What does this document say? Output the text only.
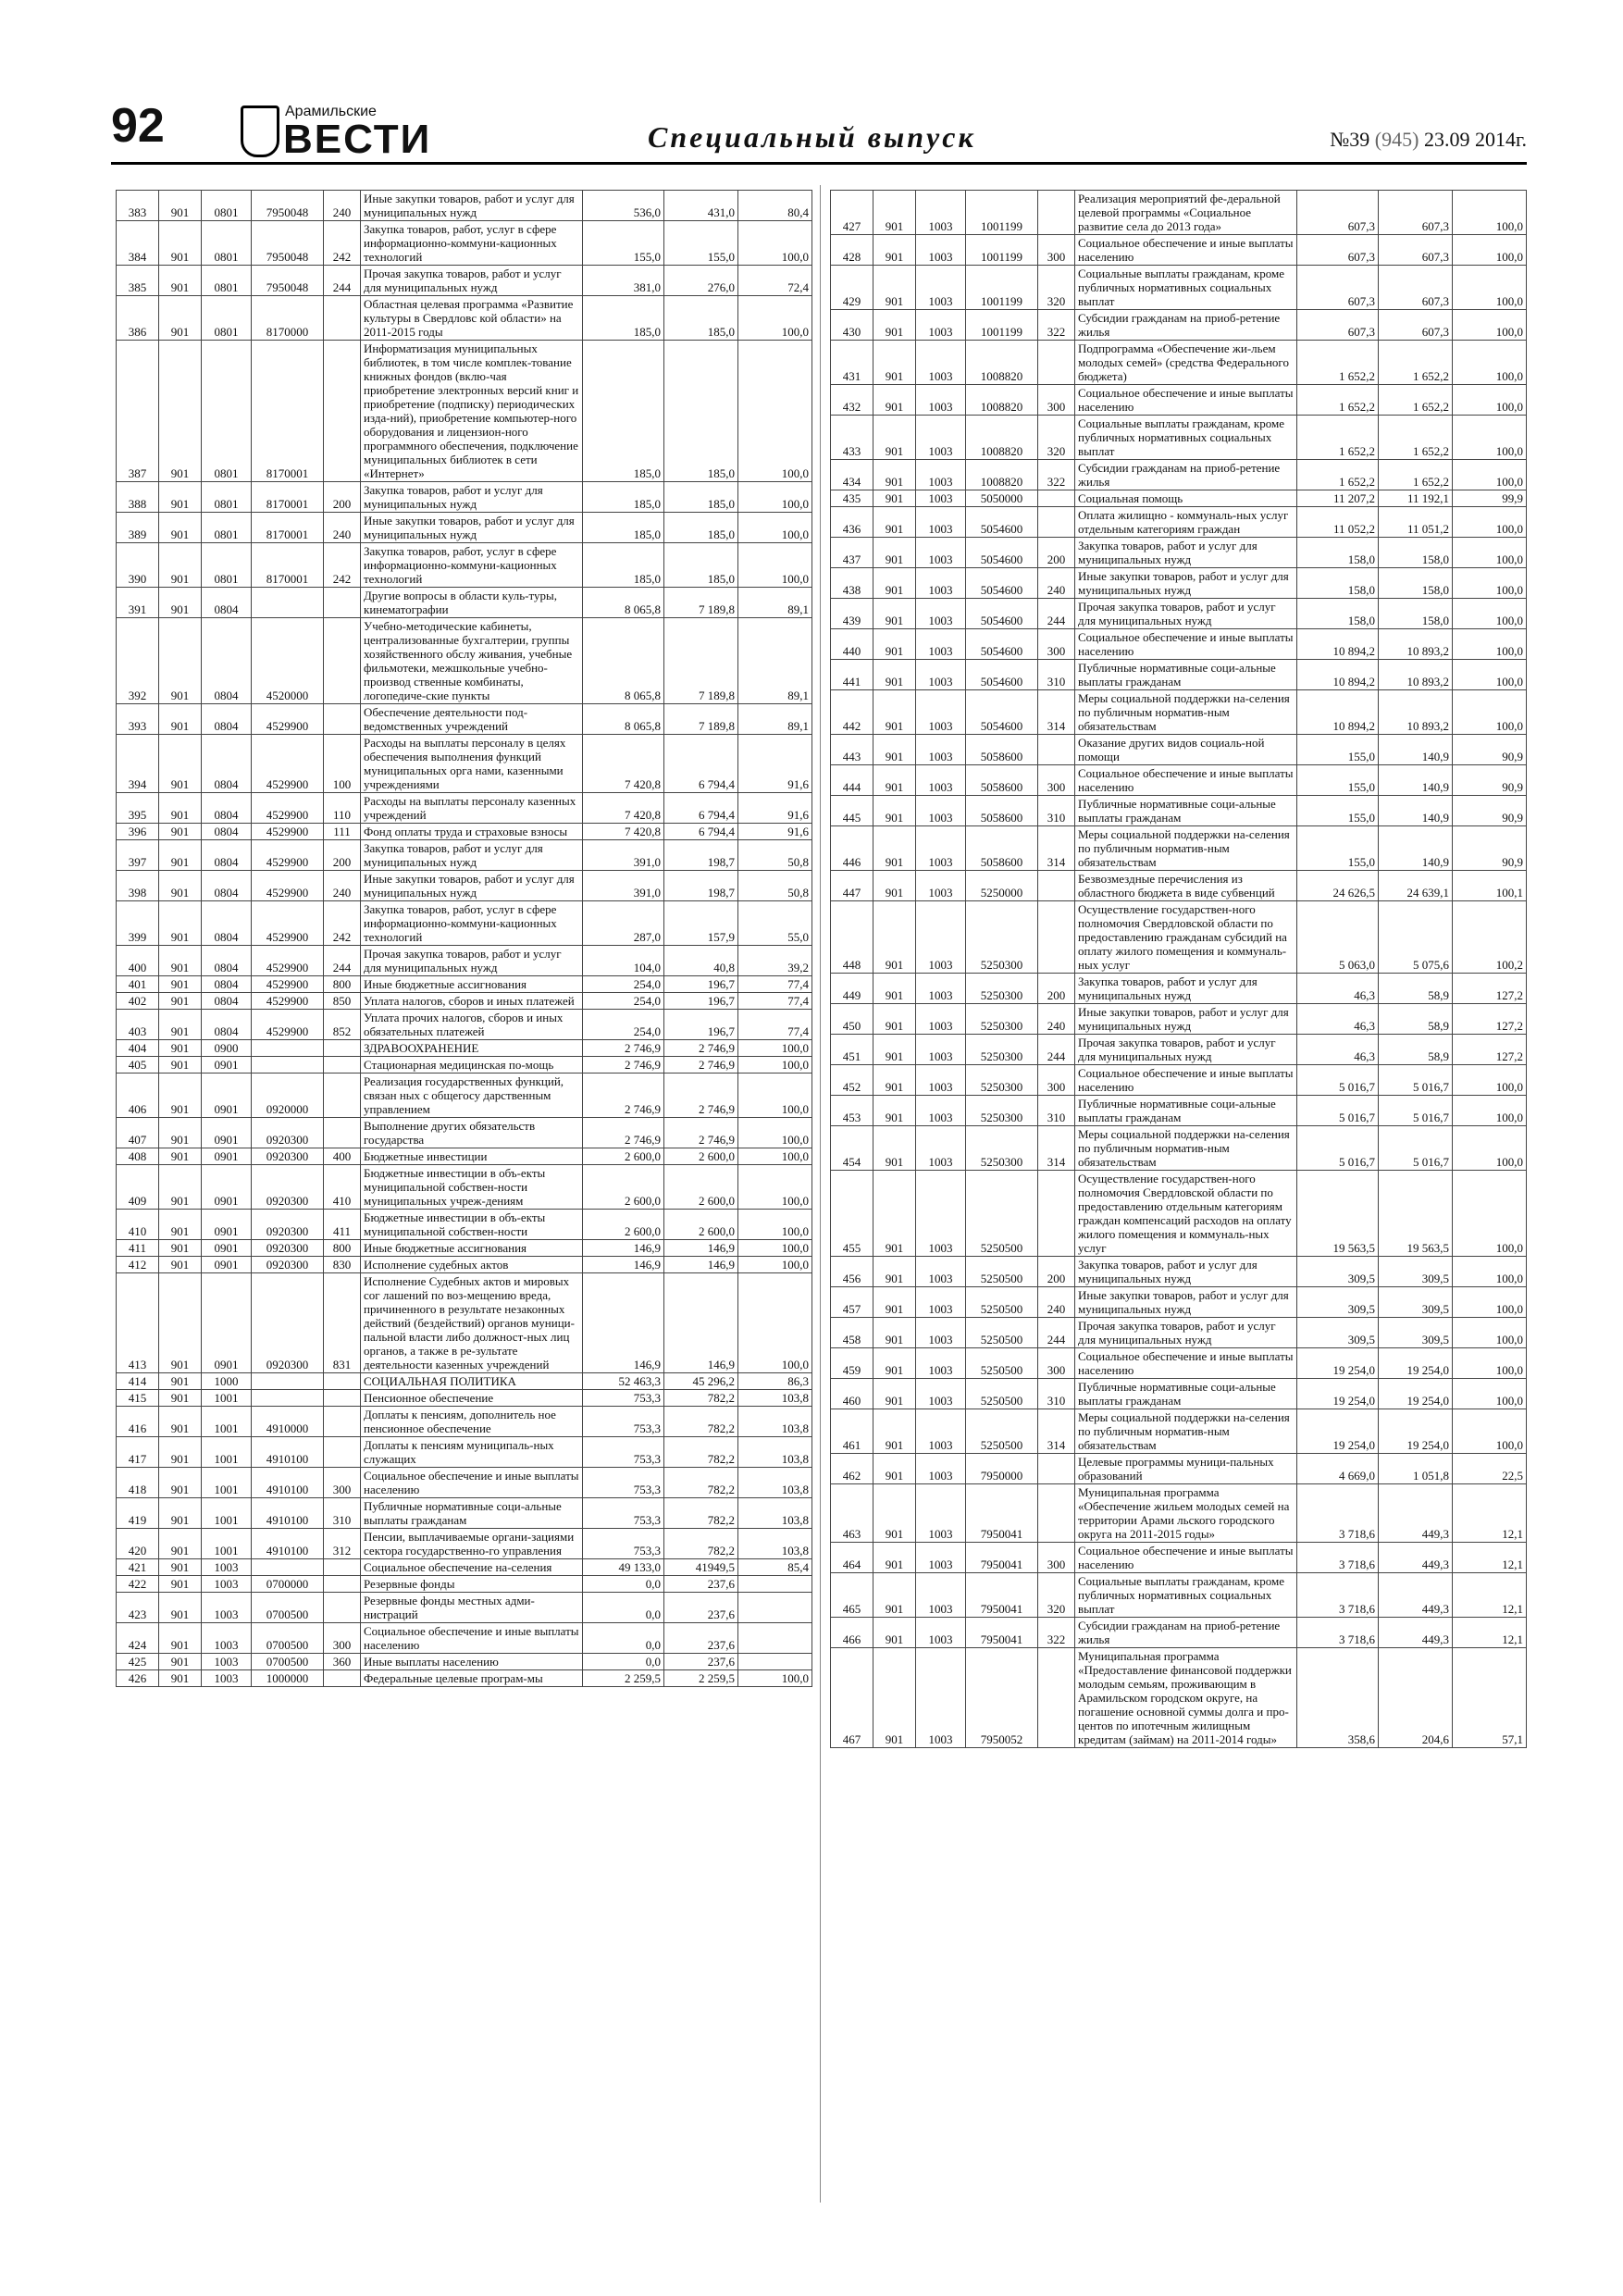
92	Арамильские
ВЕСТИ	Специальный выпуск	№39 (945) 23.09 2014г.
383	901	0801	7950048	240	Иные закупки товаров, работ и услуг для муниципальных нужд	536,0	431,0	80,4
384	901	0801	7950048	242	Закупка товаров, работ, услуг в сфере информационно-коммуни-кационных технологий	155,0	155,0	100,0
385	901	0801	7950048	244	Прочая закупка товаров, работ и услуг для муниципальных нужд	381,0	276,0	72,4
386	901	0801	8170000		Областная целевая программа «Развитие культуры в Свердловс кой области» на 2011-2015 годы	185,0	185,0	100,0
387	901	0801	8170001		Информатизация муниципальных библиотек, в том числе комплек-тование книжных фондов (вклю-чая приобретение электронных версий книг и приобретение (подписку) периодических изда-ний), приобретение компьютер-ного оборудования и лицензион-ного программного обеспечения, подключение муниципальных библиотек в сети «Интернет»	185,0	185,0	100,0
388	901	0801	8170001	200	Закупка товаров, работ и услуг для муниципальных нужд	185,0	185,0	100,0
389	901	0801	8170001	240	Иные закупки товаров, работ и услуг для муниципальных нужд	185,0	185,0	100,0
390	901	0801	8170001	242	Закупка товаров, работ, услуг в сфере информационно-коммуни-кационных технологий	185,0	185,0	100,0
391	901	0804			Другие вопросы в области куль-туры, кинематографии	8 065,8	7 189,8	89,1
392	901	0804	4520000		Учебно-методические кабинеты, централизованные бухгалтерии, группы хозяйственного обслу живания, учебные фильмотеки, межшкольные учебно-производ ственные комбинаты, логопедиче-ские пункты	8 065,8	7 189,8	89,1
393	901	0804	4529900		Обеспечение деятельности под-ведомственных учреждений	8 065,8	7 189,8	89,1
394	901	0804	4529900	100	Расходы на выплаты персоналу в целях обеспечения выполнения функций муниципальных орга нами, казенными учреждениями	7 420,8	6 794,4	91,6
395	901	0804	4529900	110	Расходы на выплаты персоналу казенных учреждений	7 420,8	6 794,4	91,6
396	901	0804	4529900	111	Фонд оплаты труда и страховые взносы	7 420,8	6 794,4	91,6
397	901	0804	4529900	200	Закупка товаров, работ и услуг для муниципальных нужд	391,0	198,7	50,8
398	901	0804	4529900	240	Иные закупки товаров, работ и услуг для муниципальных нужд	391,0	198,7	50,8
399	901	0804	4529900	242	Закупка товаров, работ, услуг в сфере информационно-коммуни-кационных технологий	287,0	157,9	55,0
400	901	0804	4529900	244	Прочая закупка товаров, работ и услуг для муниципальных нужд	104,0	40,8	39,2
401	901	0804	4529900	800	Иные бюджетные ассигнования	254,0	196,7	77,4
402	901	0804	4529900	850	Уплата налогов, сборов и иных платежей	254,0	196,7	77,4
403	901	0804	4529900	852	Уплата прочих налогов, сборов и иных обязательных платежей	254,0	196,7	77,4
404	901	0900			ЗДРАВООХРАНЕНИЕ	2 746,9	2 746,9	100,0
405	901	0901			Стационарная медицинская по-мощь	2 746,9	2 746,9	100,0
406	901	0901	0920000		Реализация государственных функций, связан ных с общегосу дарственным управлением	2 746,9	2 746,9	100,0
407	901	0901	0920300		Выполнение других обязательств государства	2 746,9	2 746,9	100,0
408	901	0901	0920300	400	Бюджетные инвестиции	2 600,0	2 600,0	100,0
409	901	0901	0920300	410	Бюджетные инвестиции в объ-екты муниципальной собствен-ности муниципальных учреж-дениям	2 600,0	2 600,0	100,0
410	901	0901	0920300	411	Бюджетные инвестиции в объ-екты муниципальной собствен-ности	2 600,0	2 600,0	100,0
411	901	0901	0920300	800	Иные бюджетные ассигнования	146,9	146,9	100,0
412	901	0901	0920300	830	Исполнение судебных актов	146,9	146,9	100,0
413	901	0901	0920300	831	Исполнение Судебных актов и мировых сог лашений по воз-мещению вреда, причиненного в результате незаконных действий (бездействий) органов муници-пальной власти либо должност-ных лиц органов, а также в ре-зультате деятельности казенных учреждений	146,9	146,9	100,0
414	901	1000			СОЦИАЛЬНАЯ ПОЛИТИКА	52 463,3	45 296,2	86,3
415	901	1001			Пенсионное обеспечение	753,3	782,2	103,8
416	901	1001	4910000		Доплаты к пенсиям, дополнитель ное пенсионное обеспечение	753,3	782,2	103,8
417	901	1001	4910100		Доплаты к пенсиям муниципаль-ных служащих	753,3	782,2	103,8
418	901	1001	4910100	300	Социальное обеспечение и иные выплаты населению	753,3	782,2	103,8
419	901	1001	4910100	310	Публичные нормативные соци-альные выплаты гражданам	753,3	782,2	103,8
420	901	1001	4910100	312	Пенсии, выплачиваемые органи-зациями сектора государственно-го управления	753,3	782,2	103,8
421	901	1003			Социальное обеспечение на-селения	49 133,0	41949,5	85,4
422	901	1003	0700000		Резервные фонды	0,0	237,6	
423	901	1003	0700500		Резервные фонды местных адми-нистраций	0,0	237,6	
424	901	1003	0700500	300	Социальное обеспечение и иные выплаты населению	0,0	237,6	
425	901	1003	0700500	360	Иные выплаты населению	0,0	237,6	
426	901	1003	1000000		Федеральные целевые програм-мы	2 259,5	2 259,5	100,0
427	901	1003	1001199		Реализация мероприятий фе-деральной целевой программы «Социальное развитие села до 2013 года»	607,3	607,3	100,0
428	901	1003	1001199	300	Социальное обеспечение и иные выплаты населению	607,3	607,3	100,0
429	901	1003	1001199	320	Социальные выплаты гражданам, кроме публичных нормативных социальных выплат	607,3	607,3	100,0
430	901	1003	1001199	322	Субсидии гражданам на приоб-ретение жилья	607,3	607,3	100,0
431	901	1003	1008820		Подпрограмма «Обеспечение жи-льем молодых семей» (средства Федерального бюджета)	1 652,2	1 652,2	100,0
432	901	1003	1008820	300	Социальное обеспечение и иные выплаты населению	1 652,2	1 652,2	100,0
433	901	1003	1008820	320	Социальные выплаты гражданам, кроме публичных нормативных социальных выплат	1 652,2	1 652,2	100,0
434	901	1003	1008820	322	Субсидии гражданам на приоб-ретение жилья	1 652,2	1 652,2	100,0
435	901	1003	5050000		Социальная помощь	11 207,2	11 192,1	99,9
436	901	1003	5054600		Оплата жилищно - коммуналь-ных услуг отдельным категориям граждан	11 052,2	11 051,2	100,0
437	901	1003	5054600	200	Закупка товаров, работ и услуг для муниципальных нужд	158,0	158,0	100,0
438	901	1003	5054600	240	Иные закупки товаров, работ и услуг для муниципальных нужд	158,0	158,0	100,0
439	901	1003	5054600	244	Прочая закупка товаров, работ и услуг для муниципальных нужд	158,0	158,0	100,0
440	901	1003	5054600	300	Социальное обеспечение и иные выплаты населению	10 894,2	10 893,2	100,0
441	901	1003	5054600	310	Публичные нормативные соци-альные выплаты гражданам	10 894,2	10 893,2	100,0
442	901	1003	5054600	314	Меры социальной поддержки на-селения по публичным норматив-ным обязательствам	10 894,2	10 893,2	100,0
443	901	1003	5058600		Оказание других видов социаль-ной помощи	155,0	140,9	90,9
444	901	1003	5058600	300	Социальное обеспечение и иные выплаты населению	155,0	140,9	90,9
445	901	1003	5058600	310	Публичные нормативные соци-альные выплаты гражданам	155,0	140,9	90,9
446	901	1003	5058600	314	Меры социальной поддержки на-селения по публичным норматив-ным обязательствам	155,0	140,9	90,9
447	901	1003	5250000		Безвозмездные перечисления из областного бюджета в виде субвенций	24 626,5	24 639,1	100,1
448	901	1003	5250300		Осуществление государствен-ного полномочия Свердловской области по предоставлению гражданам субсидий на оплату жилого помещения и коммуналь-ных услуг	5 063,0	5 075,6	100,2
449	901	1003	5250300	200	Закупка товаров, работ и услуг для муниципальных нужд	46,3	58,9	127,2
450	901	1003	5250300	240	Иные закупки товаров, работ и услуг для муниципальных нужд	46,3	58,9	127,2
451	901	1003	5250300	244	Прочая закупка товаров, работ и услуг для муниципальных нужд	46,3	58,9	127,2
452	901	1003	5250300	300	Социальное обеспечение и иные выплаты населению	5 016,7	5 016,7	100,0
453	901	1003	5250300	310	Публичные нормативные соци-альные выплаты гражданам	5 016,7	5 016,7	100,0
454	901	1003	5250300	314	Меры социальной поддержки на-селения по публичным норматив-ным обязательствам	5 016,7	5 016,7	100,0
455	901	1003	5250500		Осуществление государствен-ного полномочия Свердловской области по предоставлению отдельным категориям граждан компенсаций расходов на оплату жилого помещения и коммуналь-ных услуг	19 563,5	19 563,5	100,0
456	901	1003	5250500	200	Закупка товаров, работ и услуг для муниципальных нужд	309,5	309,5	100,0
457	901	1003	5250500	240	Иные закупки товаров, работ и услуг для муниципальных нужд	309,5	309,5	100,0
458	901	1003	5250500	244	Прочая закупка товаров, работ и услуг для муниципальных нужд	309,5	309,5	100,0
459	901	1003	5250500	300	Социальное обеспечение и иные выплаты населению	19 254,0	19 254,0	100,0
460	901	1003	5250500	310	Публичные нормативные соци-альные выплаты гражданам	19 254,0	19 254,0	100,0
461	901	1003	5250500	314	Меры социальной поддержки на-селения по публичным норматив-ным обязательствам	19 254,0	19 254,0	100,0
462	901	1003	7950000		Целевые программы муници-пальных образований	4 669,0	1 051,8	22,5
463	901	1003	7950041		Муниципальная программа «Обеспечение жильем молодых семей на территории Арами льского городского округа на 2011-2015 годы»	3 718,6	449,3	12,1
464	901	1003	7950041	300	Социальное обеспечение и иные выплаты населению	3 718,6	449,3	12,1
465	901	1003	7950041	320	Социальные выплаты гражданам, кроме публичных нормативных социальных выплат	3 718,6	449,3	12,1
466	901	1003	7950041	322	Субсидии гражданам на приоб-ретение жилья	3 718,6	449,3	12,1
467	901	1003	7950052		Муниципальная программа «Предоставление финансовой поддержки молодым семьям, проживающим в Арамильском городском округе, на погашение основной суммы долга и про-центов по ипотечным жилищным кредитам (займам) на 2011-2014 годы»	358,6	204,6	57,1
